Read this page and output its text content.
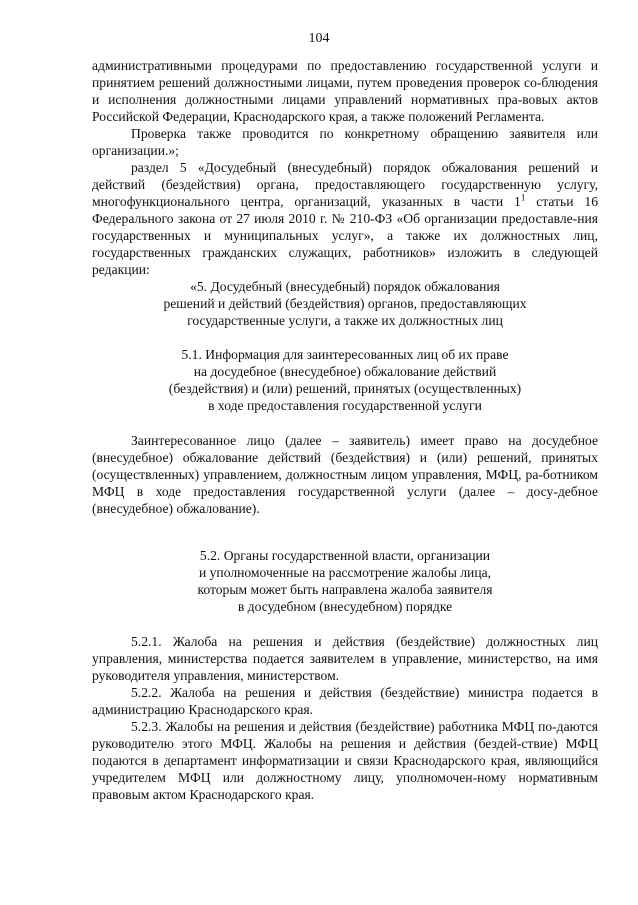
104

административными процедурами по предоставлению государственной услуги и принятием решений должностными лицами, путем проведения проверок со-блюдения и исполнения должностными лицами управлений нормативных пра-вовых актов Российской Федерации, Краснодарского края, а также положений Регламента.

Проверка также проводится по конкретному обращению заявителя или организации.»;

раздел 5 «Досудебный (внесудебный) порядок обжалования решений и действий (бездействия) органа, предоставляющего государственную услугу, многофункционального центра, организаций, указанных в части $1^1$ статьи 16 Федерального закона от 27 июля 2010 г. № 210-ФЗ «Об организации предоставле-ния государственных и муниципальных услуг», а также их должностных лиц, государственных гражданских служащих, работников» изложить в следующей редакции:

«5. Досудебный (внесудебный) порядок обжалования
решений и действий (бездействия) органов, предоставляющих
государственные услуги, а также их должностных лиц
5.1. Информация для заинтересованных лиц об их праве
на досудебное (внесудебное) обжалование действий
(бездействия) и (или) решений, принятых (осуществленных)
в ходе предоставления государственной услуги

Заинтересованное лицо (далее – заявитель) имеет право на досудебное (внесудебное) обжалование действий (бездействия) и (или) решений, принятых (осуществленных) управлением, должностным лицом управления, МФЦ, ра-ботником МФЦ в ходе предоставления государственной услуги (далее – досу-дебное (внесудебное) обжалование).

5.2. Органы государственной власти, организации
и уполномоченные на рассмотрение жалобы лица,
которым может быть направлена жалоба заявителя
в досудебном (внесудебном) порядке

5.2.1. Жалоба на решения и действия (бездействие) должностных лиц управления, министерства подается заявителем в управление, министерство, на имя руководителя управления, министерством.

5.2.2. Жалоба на решения и действия (бездействие) министра подается в администрацию Краснодарского края.

5.2.3. Жалобы на решения и действия (бездействие) работника МФЦ по-даются руководителю этого МФЦ. Жалобы на решения и действия (бездей-ствие) МФЦ подаются в департамент информатизации и связи Краснодарского края, являющийся учредителем МФЦ или должностному лицу, уполномочен-ному нормативным правовым актом Краснодарского края.
